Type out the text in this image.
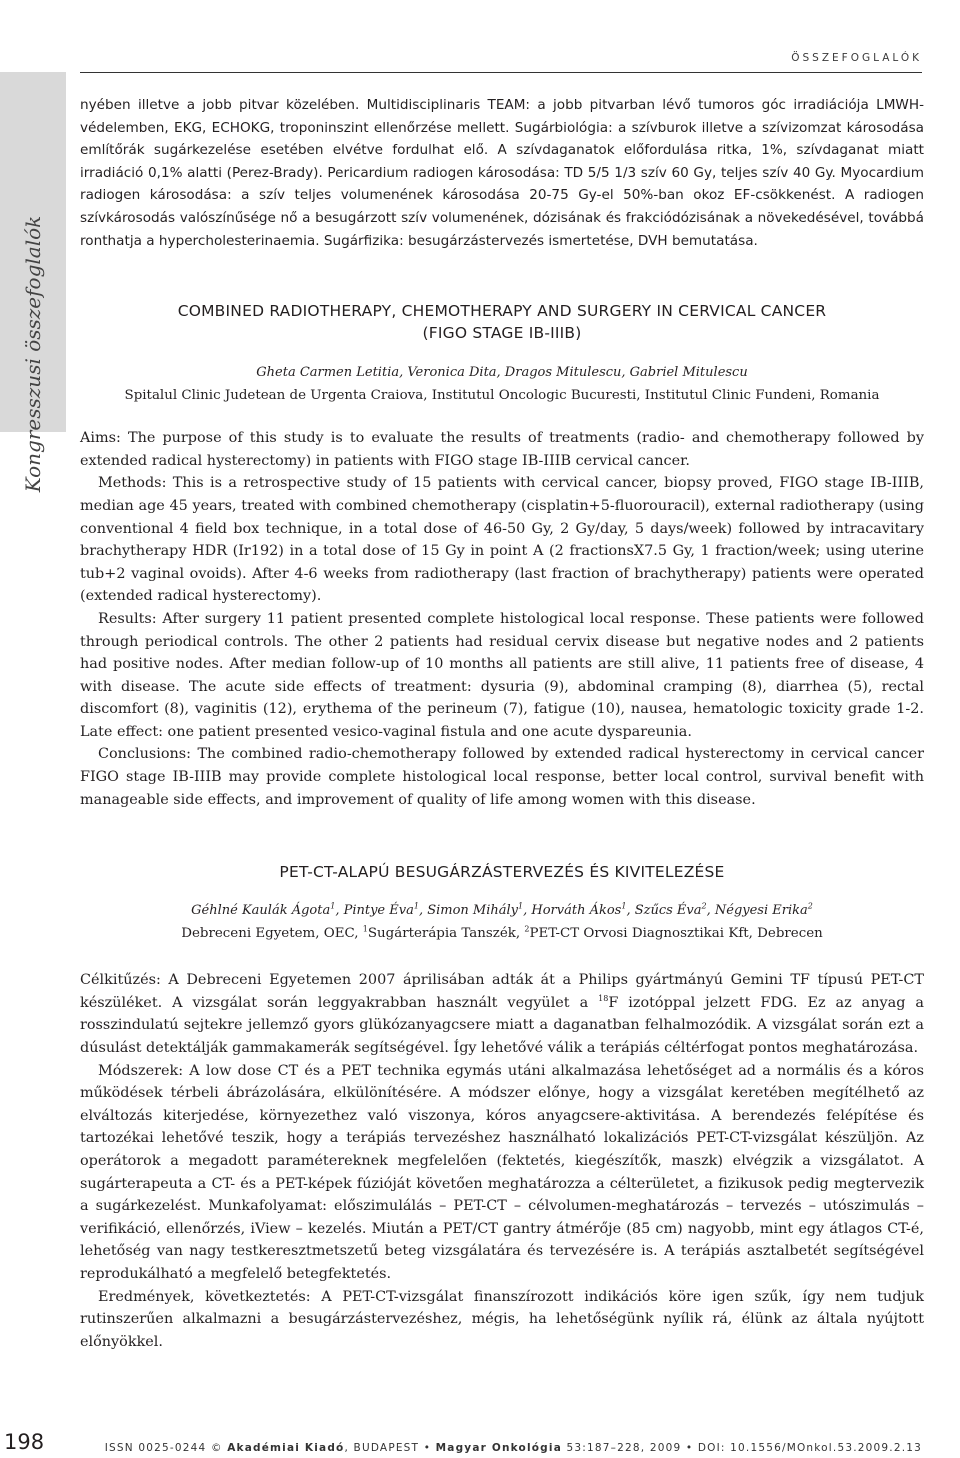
ÖSSZEFOGLALÓK
Kongresszusi összefoglalók

nyében illetve a jobb pitvar közelében. Multidisciplinaris TEAM: a jobb pitvarban lévő tumoros góc irradiációja LMWH-védelemben, EKG, ECHOKG, troponinszint ellenőrzése mellett. Sugárbiológia: a szívburok illetve a szívizomzat károsodása említőrák sugárkezelése esetében elvétve fordulhat elő. A szívdaganatok előfordulása ritka, 1%, szívdaganat miatt irradiáció 0,1% alatti (Perez-Brady). Pericardium radiogen károsodása: TD 5/5 1/3 szív 60 Gy, teljes szív 40 Gy. Myocardium radiogen károsodása: a szív teljes volumenének károsodása 20-75 Gy-el 50%-ban okoz EF-csökkenést. A radiogen szívkárosodás valószínűsége nő a besugárzott szív volumenének, dózisának és frakciódózisának a növekedésével, továbbá ronthatja a hypercholesterinaemia. Sugárfizika: besugárzástervezés ismertetése, DVH bemutatása.

COMBINED RADIOTHERAPY, CHEMOTHERAPY AND SURGERY IN CERVICAL CANCER
(FIGO STAGE IB-IIIB)
Gheta Carmen Letitia, Veronica Dita, Dragos Mitulescu, Gabriel Mitulescu
Spitalul Clinic Judetean de Urgenta Craiova, Institutul Oncologic Bucuresti, Institutul Clinic Fundeni, Romania

Aims: The purpose of this study is to evaluate the results of treatments (radio- and chemotherapy followed by extended radical hysterectomy) in patients with FIGO stage IB-IIIB cervical cancer.

Methods: This is a retrospective study of 15 patients with cervical cancer, biopsy proved, FIGO stage IB-IIIB, median age 45 years, treated with combined chemotherapy (cisplatin+5-fluorouracil), external radiotherapy (using conventional 4 field box technique, in a total dose of 46-50 Gy, 2 Gy/day, 5 days/week) followed by intracavitary brachytherapy HDR (Ir192) in a total dose of 15 Gy in point A (2 fractionsX7.5 Gy, 1 fraction/week; using uterine tub+2 vaginal ovoids). After 4-6 weeks from radiotherapy (last fraction of brachytherapy) patients were operated (extended radical hysterectomy).

Results: After surgery 11 patient presented complete histological local response. These patients were followed through periodical controls. The other 2 patients had residual cervix disease but negative nodes and 2 patients had positive nodes. After median follow-up of 10 months all patients are still alive, 11 patients free of disease, 4 with disease. The acute side effects of treatment: dysuria (9), abdominal cramping (8), diarrhea (5), rectal discomfort (8), vaginitis (12), erythema of the perineum (7), fatigue (10), nausea, hematologic toxicity grade 1-2. Late effect: one patient presented vesico-vaginal fistula and one acute dyspareunia.

Conclusions: The combined radio-chemotherapy followed by extended radical hysterectomy in cervical cancer FIGO stage IB-IIIB may provide complete histological local response, better local control, survival benefit with manageable side effects, and improvement of quality of life among women with this disease.

PET-CT-ALAPÚ BESUGÁRZÁSTERVEZÉS ÉS KIVITELEZÉSE
Géhlné Kaulák Ágota$^1$, Pintye Éva$^1$, Simon Mihály$^1$, Horváth Ákos$^1$, Szűcs Éva$^2$, Négyesi Erika$^2$
Debreceni Egyetem, OEC, $^1$Sugárterápia Tanszék, $^2$PET-CT Orvosi Diagnosztikai Kft, Debrecen

Célkitűzés: A Debreceni Egyetemen 2007 áprilisában adták át a Philips gyártmányú Gemini TF típusú PET-CT készüléket. A vizsgálat során leggyakrabban használt vegyület a $^{18}$F izotóppal jelzett FDG. Ez az anyag a rosszindulatú sejtekre jellemző gyors glükózanyagcsere miatt a daganatban felhalmozódik. A vizsgálat során ezt a dúsulást detektálják gammakamerák segítségével. Így lehetővé válik a terápiás céltérfogat pontos meghatározása.

Módszerek: A low dose CT és a PET technika egymás utáni alkalmazása lehetőséget ad a normális és a kóros működések térbeli ábrázolására, elkülönítésére. A módszer előnye, hogy a vizsgálat keretében megítélhető az elváltozás kiterjedése, környezethez való viszonya, kóros anyagcsere-aktivitása. A berendezés felépítése és tartozékai lehetővé teszik, hogy a terápiás tervezéshez használható lokalizációs PET-CT-vizsgálat készüljön. Az operátorok a megadott paramétereknek megfelelően (fektetés, kiegészítők, maszk) elvégzik a vizsgálatot. A sugárterapeuta a CT- és a PET-képek fúzióját követően meghatározza a célterületet, a fizikusok pedig megtervezik a sugárkezelést. Munkafolyamat: előszimulálás – PET-CT – célvolumen-meghatározás – tervezés – utószimulás – verifikáció, ellenőrzés, iView – kezelés. Miután a PET/CT gantry átmérője (85 cm) nagyobb, mint egy átlagos CT-é, lehetőség van nagy testkeresztmetszetű beteg vizsgálatára és tervezésére is. A terápiás asztalbetét segítségével reprodukálható a megfelelő betegfektetés.

Eredmények, következtetés: A PET-CT-vizsgálat finanszírozott indikációs köre igen szűk, így nem tudjuk rutinszerűen alkalmazni a besugárzástervezéshez, mégis, ha lehetőségünk nyílik rá, élünk az általa nyújtott előnyökkel.

198	ISSN 0025-0244 © Akadémiai Kiadó, BUDAPEST • Magyar Onkológia 53:187–228, 2009 • DOI: 10.1556/MOnkol.53.2009.2.13
